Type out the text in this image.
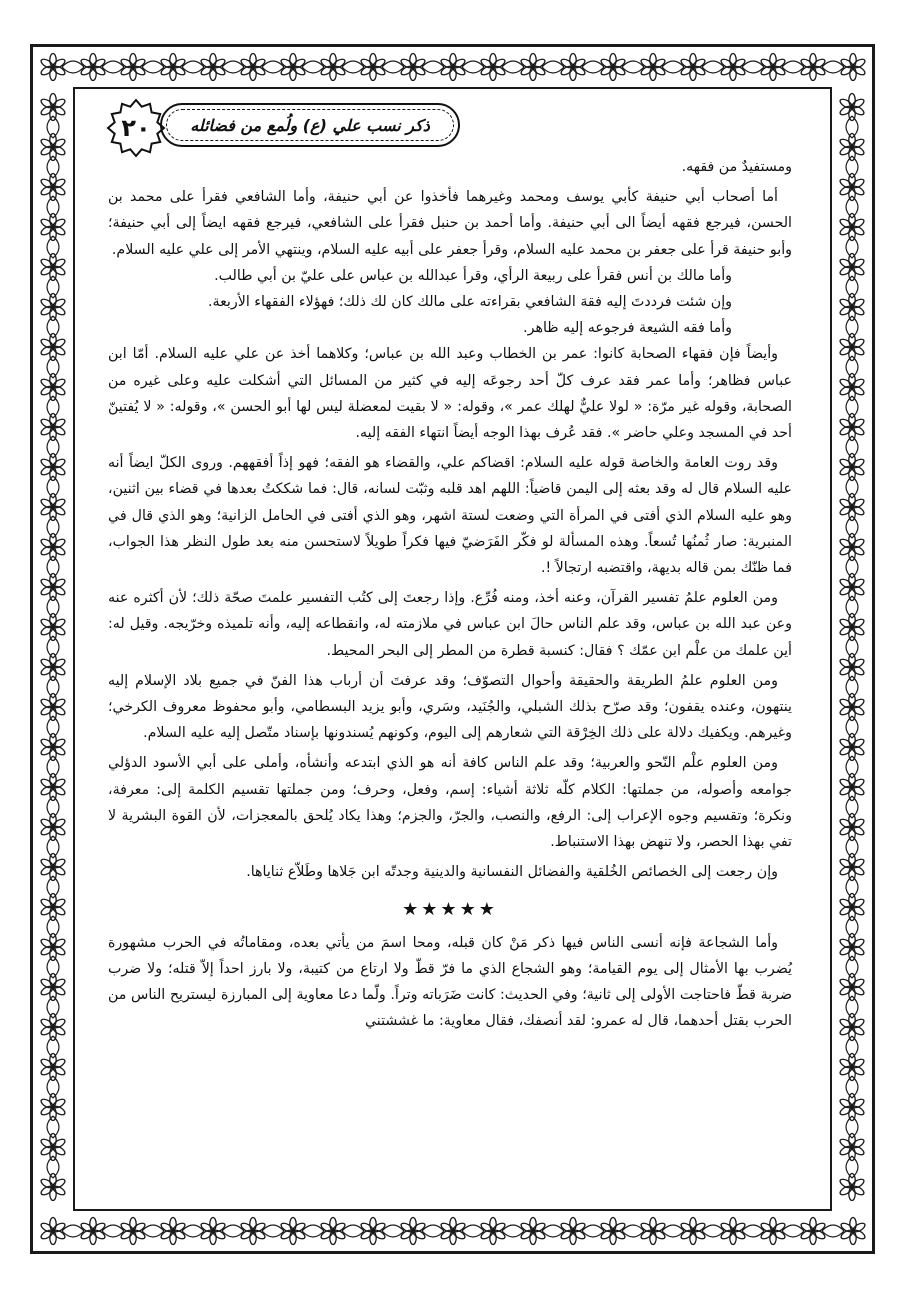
٢٠	ذكر نسب علي (ع) ولُمع من فضائله

ومستفيدٌ من فقهه.

أما أصحاب أبي حنيفة كأبي يوسف ومحمد وغيرهما فأخذوا عن أبي حنيفة، وأما الشافعي فقرأ على محمد بن الحسن، فيرجع فقهه أيضاً الى أبي حنيفة. وأما أحمد بن حنبل فقرأ على الشافعي، فيرجع فقهه ايضاً إلى أبي حنيفة؛ وأبو حنيفة قرأ على جعفر بن محمد عليه السلام، وقرأ جعفر على أبيه عليه السلام، وينتهي الأمر إلى علي عليه السلام.

وأما مالك بن أنس فقرأ على ربيعة الرأي، وقرأ عبدالله بن عباس على عليّ بن أبي طالب.

وإن شئت فرددتَ إليه فقهَ الشافعي بقراءته على مالك كان لك ذلك؛ فهؤلاء الفقهاء الأربعة.

وأما فقه الشيعة فرجوعه إليه ظاهر.

وأيضاً فإن فقهاء الصحابة كانوا: عمر بن الخطاب وعبد الله بن عباس؛ وكلاهما أخذ عن علي عليه السلام. أمّا ابن عباس فظاهر؛ وأما عمر فقد عرف كلّ أحد رجوعَه إليه في كثير من المسائل التي أشكلت عليه وعلى غيره من الصحابة، وقوله غير مرّة: « لولا عليٌّ لهلك عمر »، وقوله: « لا بقيت لمعضلة ليس لها أبو الحسن »، وقوله: « لا يُفتينّ أحد في المسجد وعلي حاضر ». فقد عُرف بهذا الوجه أيضاً انتهاء الفقه إليه.

وقد روت العامة والخاصة قوله عليه السلام: اقضاكم علي، والقضاء هو الفقه؛ فهو إذاً أفقههم. وروى الكلّ ايضاً أنه عليه السلام قال له وقد بعثه إلى اليمن قاضياً: اللهم اهد قلبه وثبّت لسانه، قال: فما شككتُ بعدها في قضاء بين اثنين، وهو عليه السلام الذي أفتى في المرأة التي وضعت لستة اشهر، وهو الذي أفتى في الحامل الزانية؛ وهو الذي قال في المنبرية: صار ثُمنُها تُسعاً. وهذه المسألة لو فكّر الفَرَضيّ فيها فكراً طويلاً لاستحسن منه بعد طول النظر هذا الجواب، فما ظنّك بمن قاله بديهة، واقتضبه ارتجالاً !.

ومن العلوم علمُ تفسير القرآن، وعنه أخذ، ومنه فُرِّع. وإذا رجعتَ إلى كتُب التفسير علمتَ صحّة ذلك؛ لأن أكثره عنه وعن عبد الله بن عباس، وقد علم الناس حالَ ابن عباس في ملازمته له، وانقطاعه إليه، وأنه تلميذه وخرّيجه. وقيل له: أين علمك من علْم ابن عمّك ؟ فقال: كنسبة قطرة من المطر إلى البحر المحيط.

ومن العلوم علمُ الطريقة والحقيقة وأحوال التصوّف؛ وقد عرفتَ أن أرباب هذا الفنّ في جميع بلاد الإسلام إليه ينتهون، وعنده يقفون؛ وقد صرّح بذلك الشبلي، والجُنَيد، وسَري، وأبو يزيد البسطامي، وأبو محفوظ معروف الكرخي؛ وغيرهم. ويكفيك دلالة على ذلك الخِرْقة التي شعارهم إلى اليوم، وكونهم يُسندونها بإسناد متّصل إليه عليه السلام.

ومن العلوم علْم النّحو والعربية؛ وقد علم الناس كافة أنه هو الذي ابتدعه وأنشأه، وأملى على أبي الأسود الدؤلي جوامعه وأصوله، من جملتها: الكلام كلّه ثلاثة أشياء: إسم، وفعل، وحرف؛ ومن جملتها تقسيم الكلمة إلى: معرفة، ونكرة؛ وتقسيم وجوه الإعراب إلى: الرفع، والنصب، والجرّ، والجزم؛ وهذا يكاد يُلحق بالمعجزات، لأن القوة البشرية لا تفي بهذا الحصر، ولا تنهض بهذا الاستنباط.

وإن رجعت إلى الخصائص الخُلقية والفضائل النفسانية والدينية وجدتّه ابن جَلاها وطَلاّع ثناياها.

★★★★★

وأما الشجاعة فإنه أنسى الناس فيها ذكر مَنْ كان قبله، ومحا اسمَ من يأتي بعده، ومقاماتُه في الحرب مشهورة يُضرب بها الأمثال إلى يوم القيامة؛ وهو الشجاع الذي ما فرّ قطّ ولا ارتاع من كتيبة، ولا بارز احداً إلاّ قتله؛ ولا ضرب ضربة قطّ فاحتاجت الأولى إلى ثانية؛ وفي الحديث: كانت ضَرَباته وتراً. ولّما دعا معاوية إلى المبارزة ليستريح الناس من الحرب بقتل أحدهما، قال له عمرو: لقد أنصفك، فقال معاوية: ما غششتني
